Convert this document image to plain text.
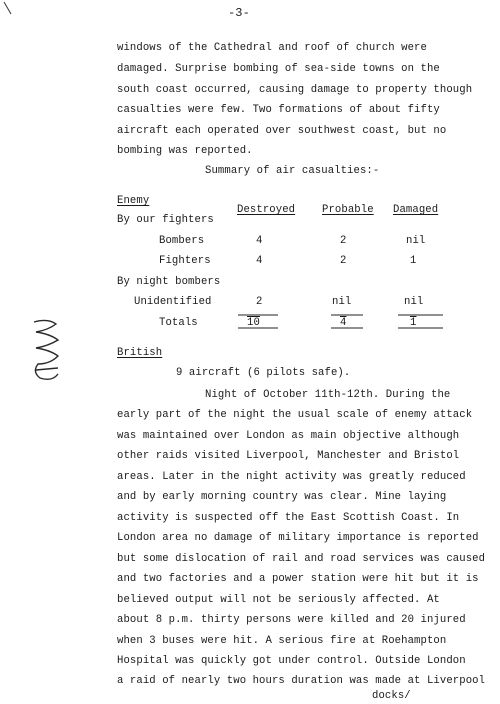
-3-
windows of the Cathedral and roof of church were
damaged. Surprise bombing of sea-side towns on the
south coast occurred, causing damage to property though
casualties were few. Two formations of about fifty
aircraft each operated over southwest coast, but no
bombing was reported.
Summary of air casualties:-
Enemy
Destroyed	Probable Damaged
By our fighters
Bombers	4	2	nil
Fighters	4	2	1
By night bombers
Unidentified	2	nil	nil
Totals	10	4	1
British
9 aircraft (6 pilots safe).
Night of October 11th-12th. During the
early part of the night the usual scale of enemy attack
was maintained over London as main objective although
other raids visited Liverpool, Manchester and Bristol
areas. Later in the night activity was greatly reduced
and by early morning country was clear. Mine laying
activity is suspected off the East Scottish Coast. In
London area no damage of military importance is reported
but some dislocation of rail and road services was caused
and two factories and a power station were hit but it is
believed output will not be seriously affected. At
about 8 p.m. thirty persons were killed and 20 injured
when 3 buses were hit. A serious fire at Roehampton
Hospital was quickly got under control. Outside London
a raid of nearly two hours duration was made at Liverpool
docks/
